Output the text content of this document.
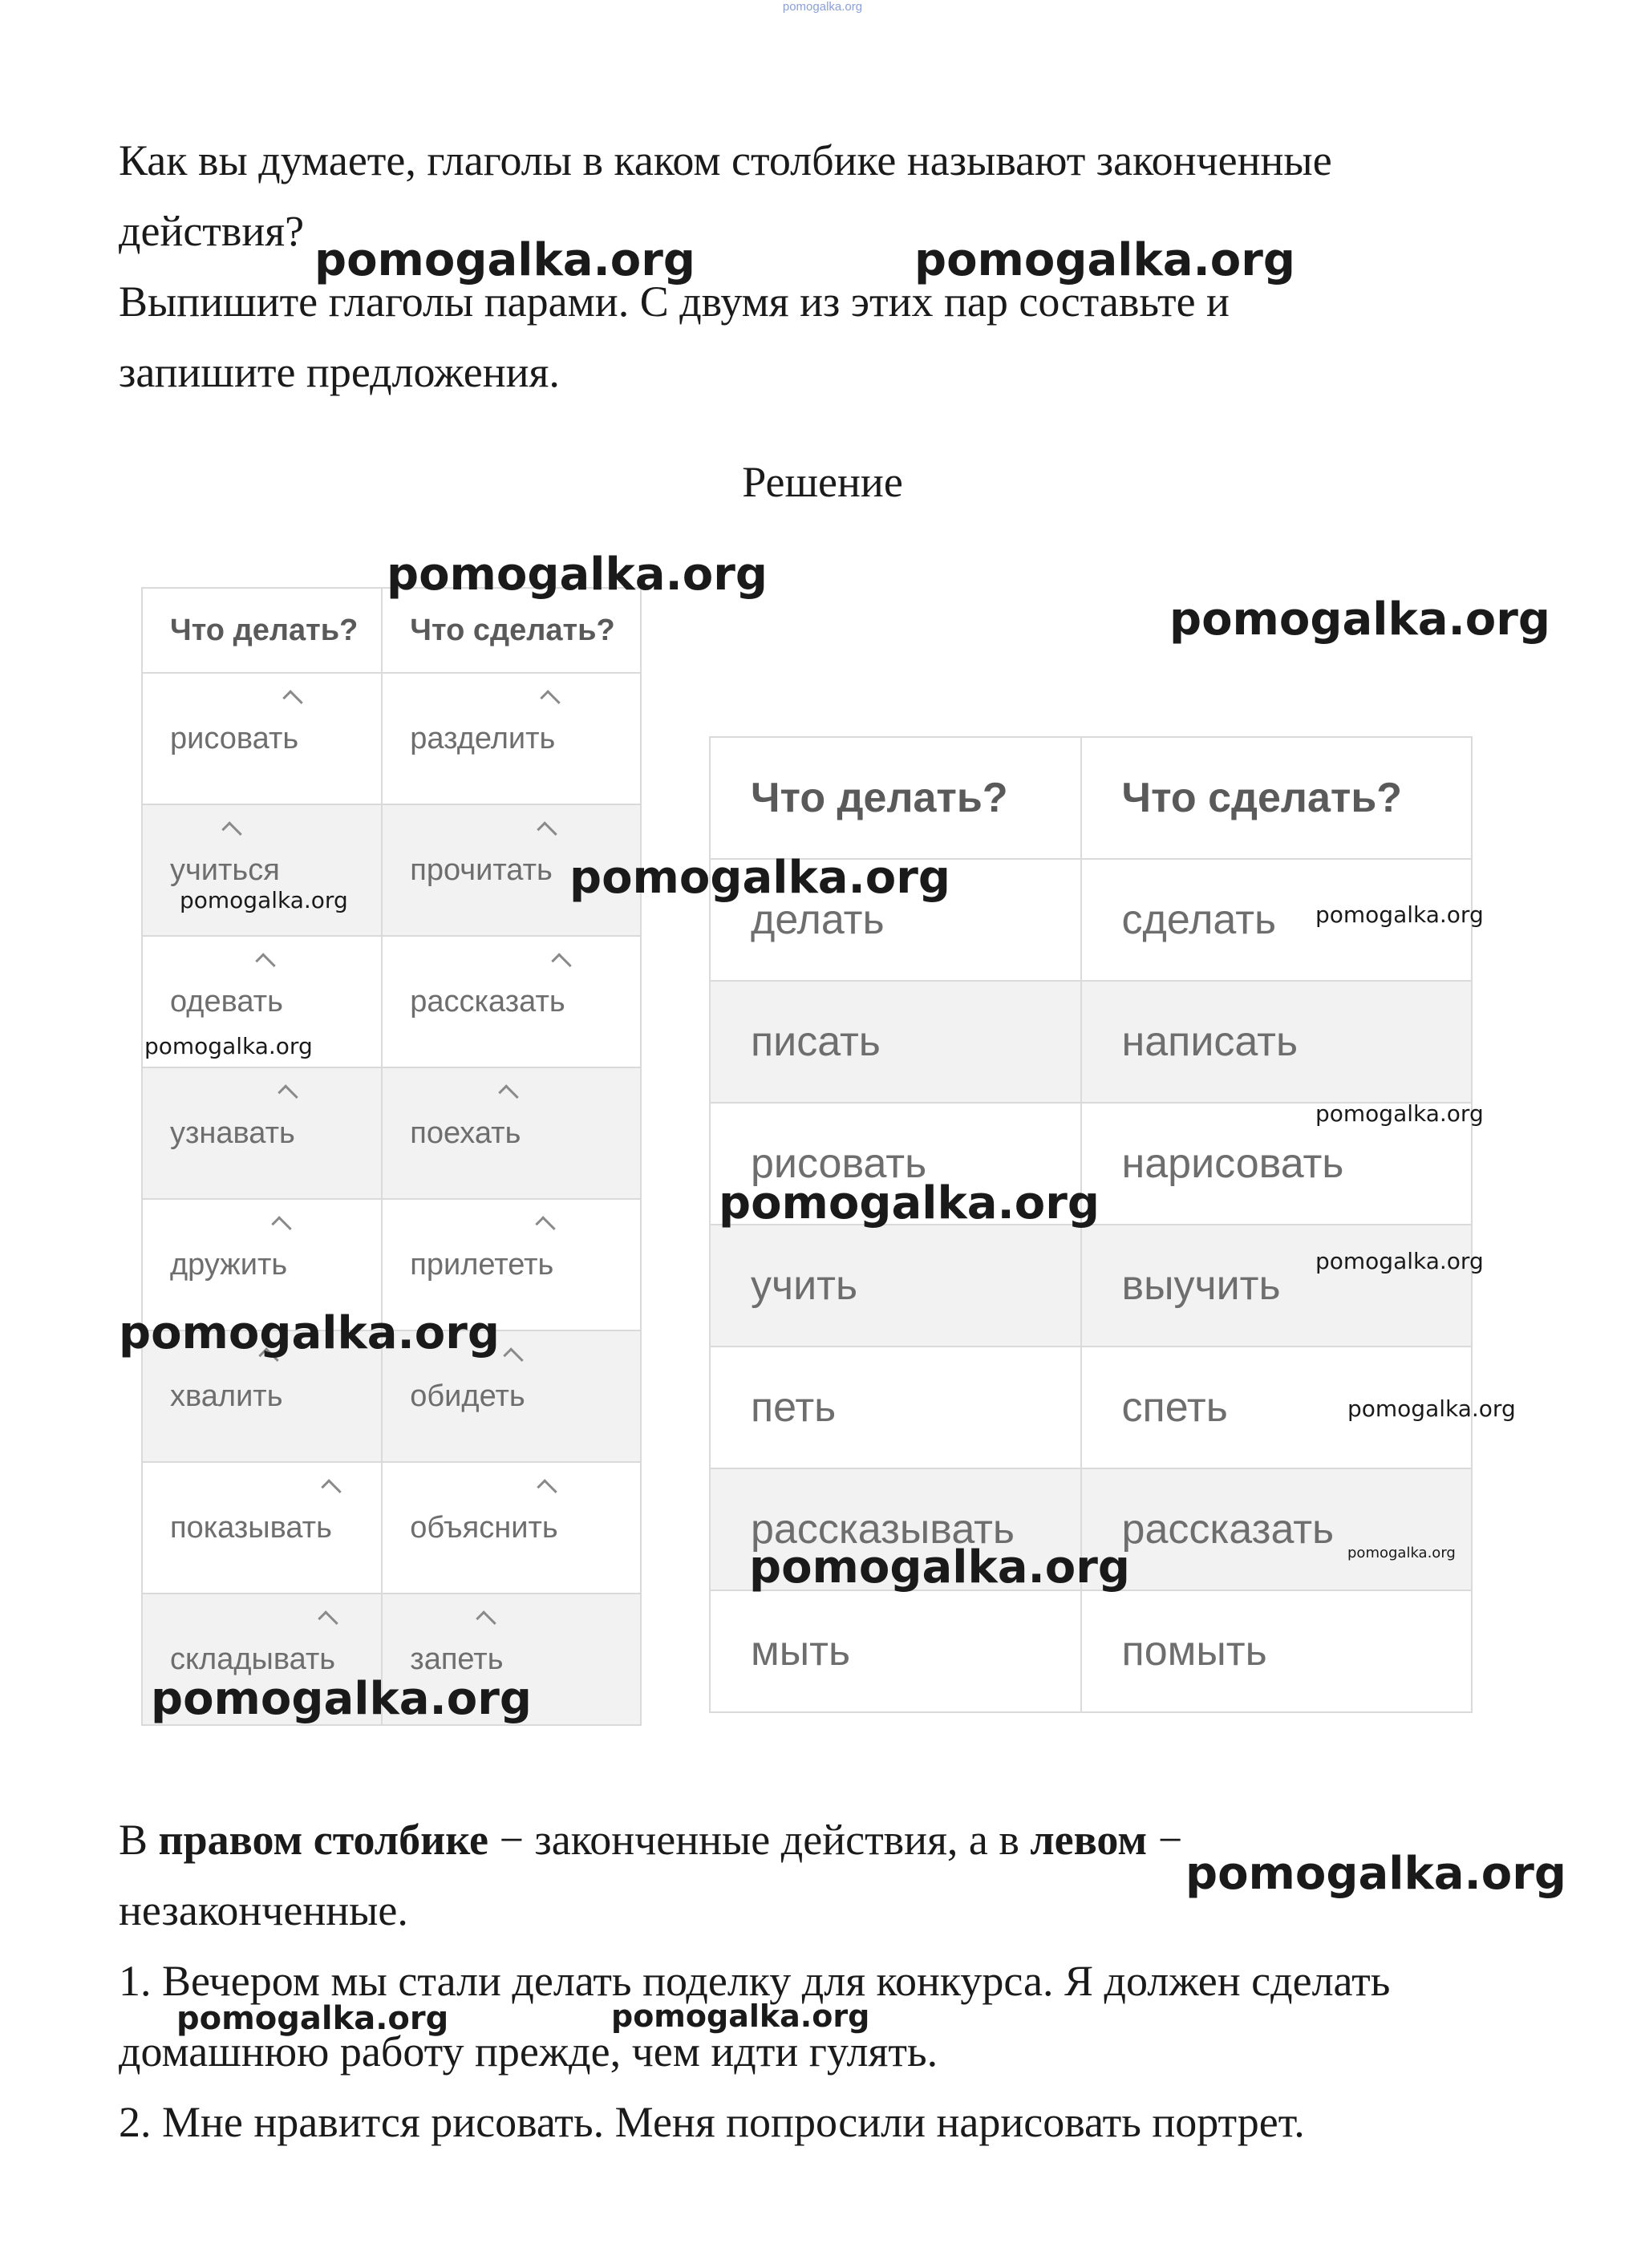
pomogalka.org

Как вы думаете, глаголы в каком столбике называют законченные

действия?

Выпишите глаголы парами. С двумя из этих пар составьте и

запишите предложения.

Решение
Что делать?	Что сделать?
рисовать	разделить

учиться	прочитать

одевать	рассказать

узнавать	поехать

дружить	прилететь

хвалить	обидеть

показывать	объяснить

складывать	запеть
Что делать?	Что сделать?
делать	сделать
писать	написать
рисовать	нарисовать
учить	выучить
петь	спеть
рассказывать	рассказать
мыть	помыть

В правом столбике − законченные действия, а в левом −

незаконченные.

1. Вечером мы стали делать поделку для конкурса. Я должен сделать

домашнюю работу прежде, чем идти гулять.

2. Мне нравится рисовать. Меня попросили нарисовать портрет.

pomogalka.org	pomogalka.org
pomogalka.org
pomogalka.org
pomogalka.org
pomogalka.org
pomogalka.org
pomogalka.org
pomogalka.org
pomogalka.org
pomogalka.org
pomogalka.org
pomogalka.org
pomogalka.org
pomogalka.org
pomogalka.org
pomogalka.org	pomogalka.org
pomogalka.org
